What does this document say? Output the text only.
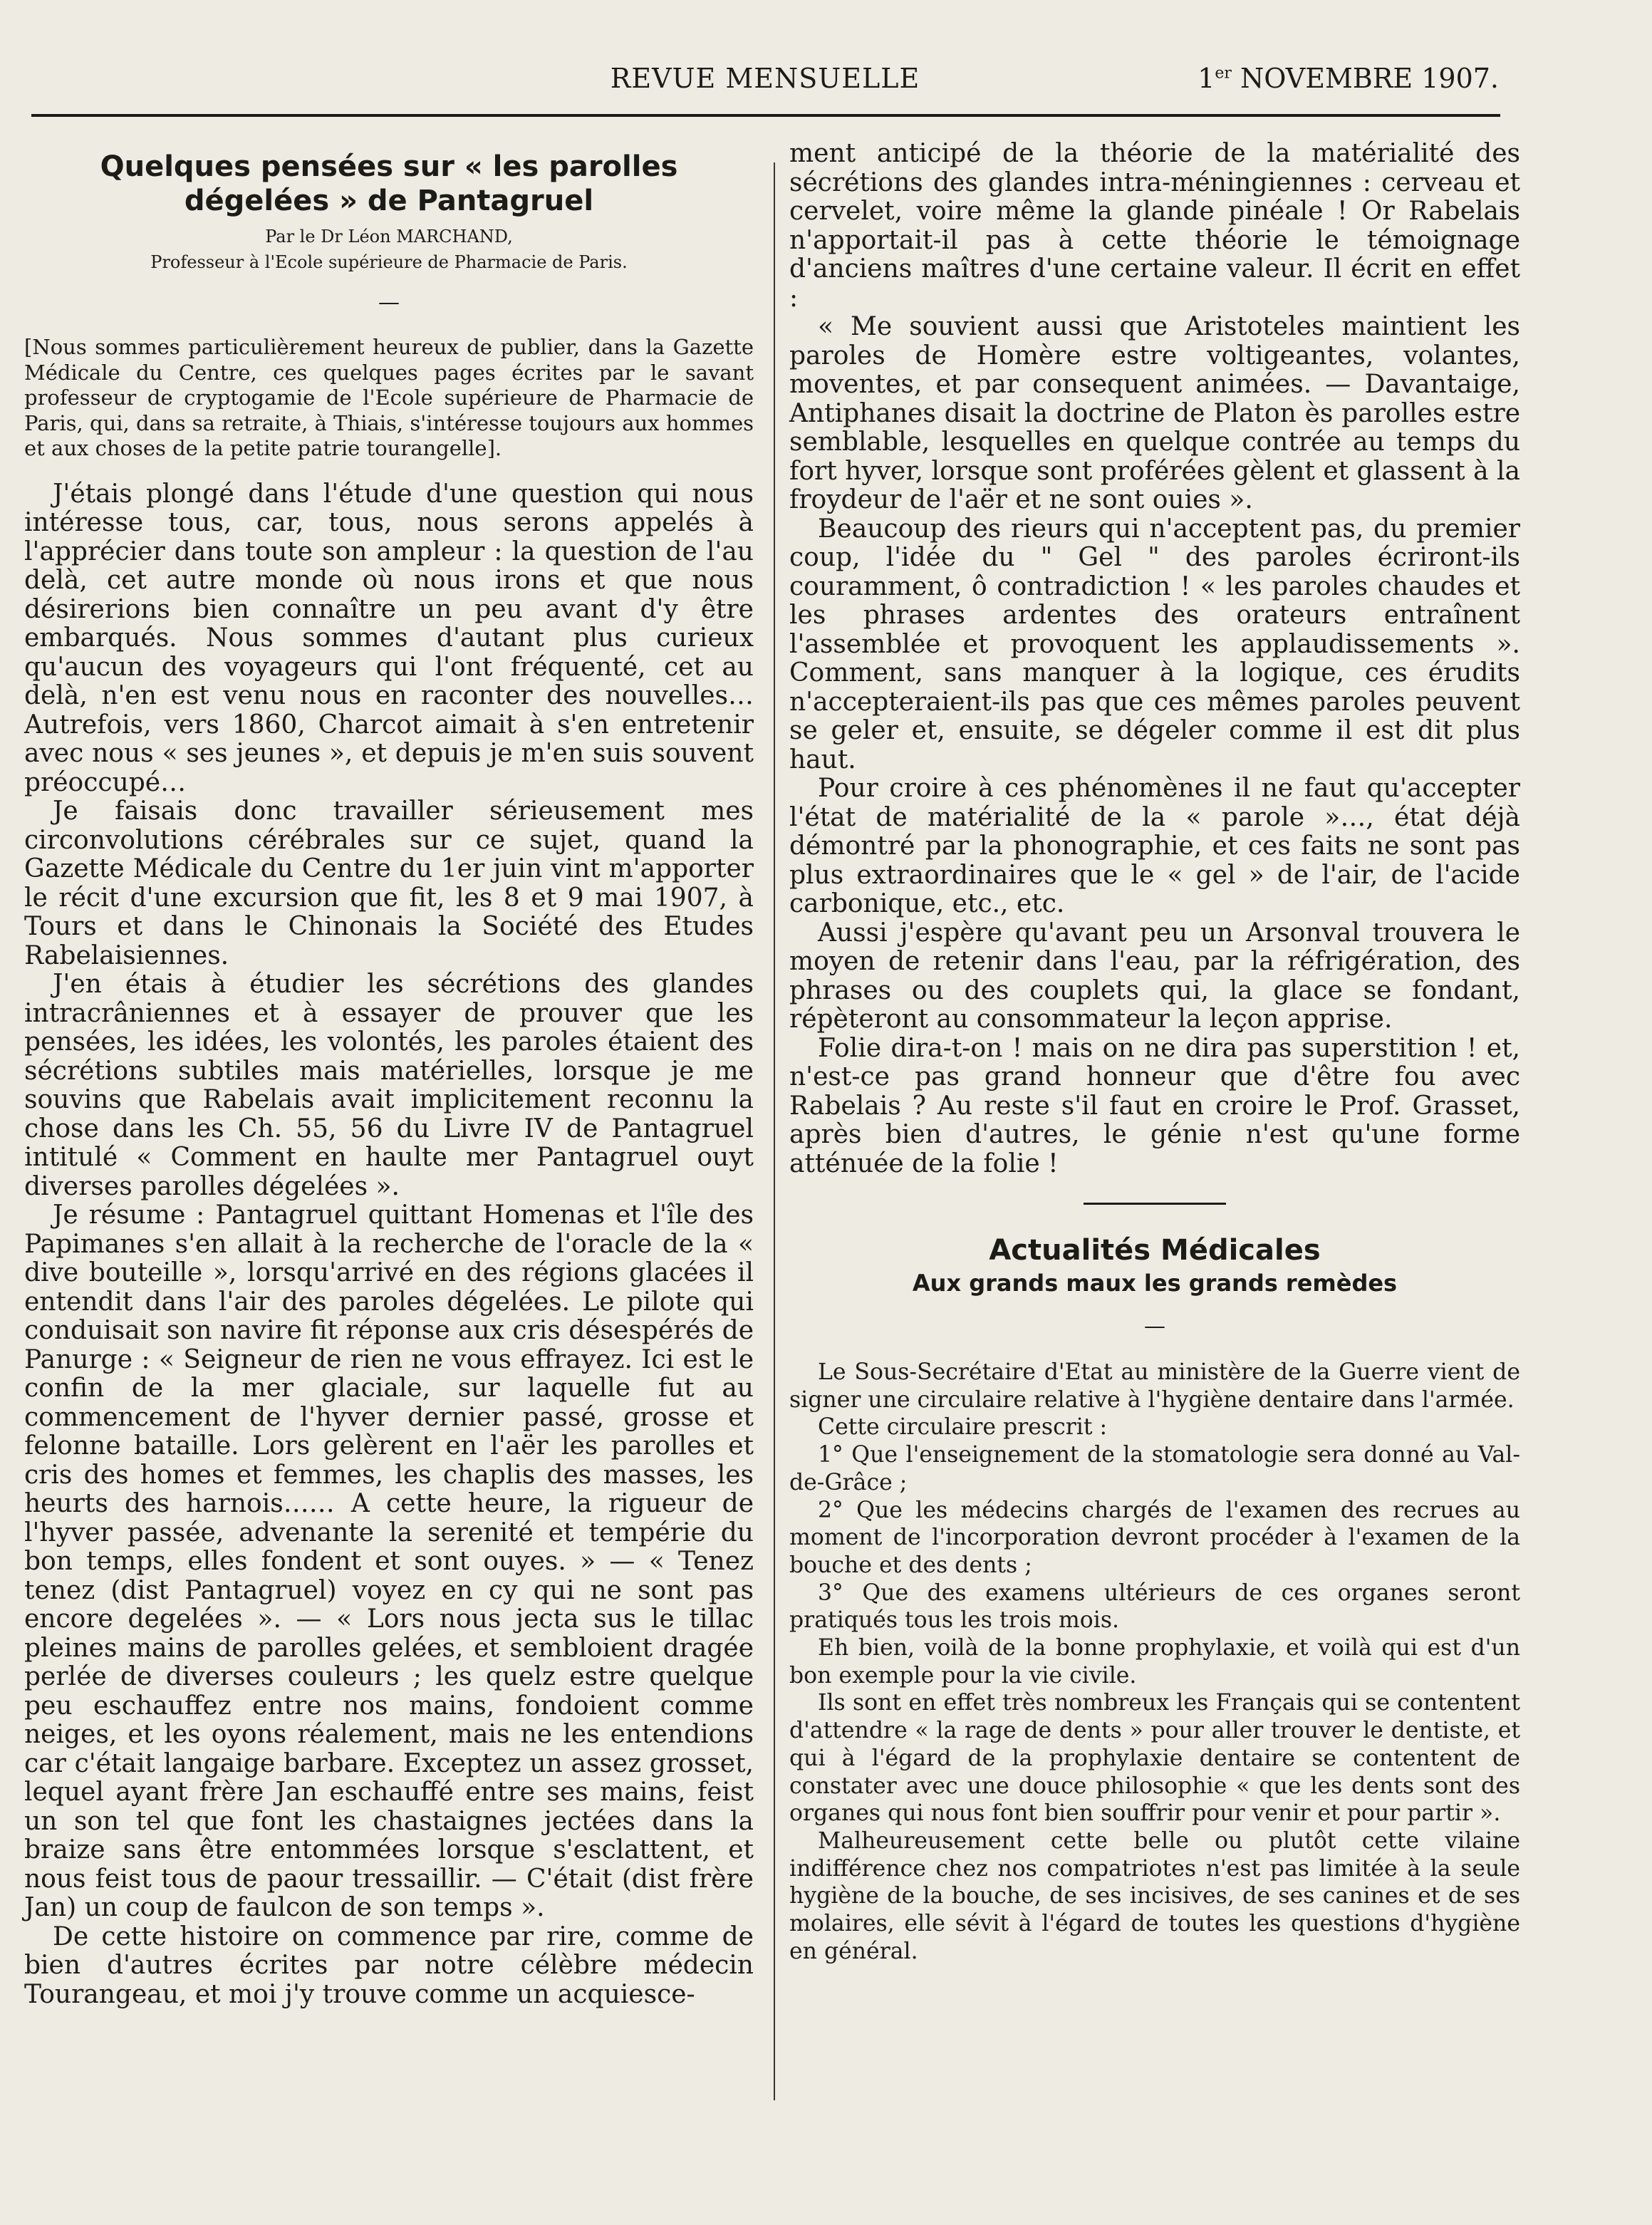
REVUE MENSUELLE	1er NOVEMBRE 1907.
Quelques pensées sur « les parolles
dégelées » de Pantagruel

Par le Dr Léon MARCHAND,

Professeur à l'Ecole supérieure de Pharmacie de Paris.

—

[Nous sommes particulièrement heureux de publier, dans la Gazette Médicale du Centre, ces quelques pages écrites par le savant professeur de cryptogamie de l'Ecole supérieure de Pharmacie de Paris, qui, dans sa retraite, à Thiais, s'intéresse toujours aux hommes et aux choses de la petite patrie tourangelle].

J'étais plongé dans l'étude d'une question qui nous intéresse tous, car, tous, nous serons appelés à l'apprécier dans toute son ampleur : la question de l'au delà, cet autre monde où nous irons et que nous désirerions bien connaître un peu avant d'y être embarqués. Nous sommes d'autant plus curieux qu'aucun des voyageurs qui l'ont fréquenté, cet au delà, n'en est venu nous en raconter des nouvelles… Autrefois, vers 1860, Charcot aimait à s'en entretenir avec nous « ses jeunes », et depuis je m'en suis souvent préoccupé…

Je faisais donc travailler sérieusement mes circonvolutions cérébrales sur ce sujet, quand la Gazette Médicale du Centre du 1er juin vint m'apporter le récit d'une excursion que fit, les 8 et 9 mai 1907, à Tours et dans le Chinonais la Société des Etudes Rabelaisiennes.

J'en étais à étudier les sécrétions des glandes intracrâniennes et à essayer de prouver que les pensées, les idées, les volontés, les paroles étaient des sécrétions subtiles mais matérielles, lorsque je me souvins que Rabelais avait implicitement reconnu la chose dans les Ch. 55, 56 du Livre IV de Pantagruel intitulé « Comment en haulte mer Pantagruel ouyt diverses parolles dégelées ».

Je résume : Pantagruel quittant Homenas et l'île des Papimanes s'en allait à la recherche de l'oracle de la « dive bouteille », lorsqu'arrivé en des régions glacées il entendit dans l'air des paroles dégelées. Le pilote qui conduisait son navire fit réponse aux cris désespérés de Panurge : « Seigneur de rien ne vous effrayez. Ici est le confin de la mer glaciale, sur laquelle fut au commencement de l'hyver dernier passé, grosse et felonne bataille. Lors gelèrent en l'aër les parolles et cris des homes et femmes, les chaplis des masses, les heurts des harnois…… A cette heure, la rigueur de l'hyver passée, advenante la serenité et tempérie du bon temps, elles fondent et sont ouyes. » — « Tenez tenez (dist Pantagruel) voyez en cy qui ne sont pas encore degelées ». — « Lors nous jecta sus le tillac pleines mains de parolles gelées, et sembloient dragée perlée de diverses couleurs ; les quelz estre quelque peu eschauffez entre nos mains, fondoient comme neiges, et les oyons réalement, mais ne les entendions car c'était langaige barbare. Exceptez un assez grosset, lequel ayant frère Jan eschauffé entre ses mains, feist un son tel que font les chastaignes jectées dans la braize sans être entommées lorsque s'esclattent, et nous feist tous de paour tressaillir. — C'était (dist frère Jan) un coup de faulcon de son temps ».

De cette histoire on commence par rire, comme de bien d'autres écrites par notre célèbre médecin Tourangeau, et moi j'y trouve comme un acquiesce-

ment anticipé de la théorie de la matérialité des sécrétions des glandes intra-méningiennes : cerveau et cervelet, voire même la glande pinéale ! Or Rabelais n'apportait-il pas à cette théorie le témoignage d'anciens maîtres d'une certaine valeur. Il écrit en effet :

« Me souvient aussi que Aristoteles maintient les paroles de Homère estre voltigeantes, volantes, moventes, et par consequent animées. — Davantaige, Antiphanes disait la doctrine de Platon ès parolles estre semblable, lesquelles en quelque contrée au temps du fort hyver, lorsque sont proférées gèlent et glassent à la froydeur de l'aër et ne sont ouies ».

Beaucoup des rieurs qui n'acceptent pas, du premier coup, l'idée du " Gel " des paroles écriront-ils couramment, ô contradiction ! « les paroles chaudes et les phrases ardentes des orateurs entraînent l'assemblée et provoquent les applaudissements ». Comment, sans manquer à la logique, ces érudits n'accepteraient-ils pas que ces mêmes paroles peuvent se geler et, ensuite, se dégeler comme il est dit plus haut.

Pour croire à ces phénomènes il ne faut qu'accepter l'état de matérialité de la « parole »…, état déjà démontré par la phonographie, et ces faits ne sont pas plus extraordinaires que le « gel » de l'air, de l'acide carbonique, etc., etc.

Aussi j'espère qu'avant peu un Arsonval trouvera le moyen de retenir dans l'eau, par la réfrigération, des phrases ou des couplets qui, la glace se fondant, répèteront au consommateur la leçon apprise.

Folie dira-t-on ! mais on ne dira pas superstition ! et, n'est-ce pas grand honneur que d'être fou avec Rabelais ? Au reste s'il faut en croire le Prof. Grasset, après bien d'autres, le génie n'est qu'une forme atténuée de la folie !

Actualités Médicales

Aux grands maux les grands remèdes

—

Le Sous-Secrétaire d'Etat au ministère de la Guerre vient de signer une circulaire relative à l'hygiène dentaire dans l'armée.

Cette circulaire prescrit :

1° Que l'enseignement de la stomatologie sera donné au Val-de-Grâce ;

2° Que les médecins chargés de l'examen des recrues au moment de l'incorporation devront procéder à l'examen de la bouche et des dents ;

3° Que des examens ultérieurs de ces organes seront pratiqués tous les trois mois.

Eh bien, voilà de la bonne prophylaxie, et voilà qui est d'un bon exemple pour la vie civile.

Ils sont en effet très nombreux les Français qui se contentent d'attendre « la rage de dents » pour aller trouver le dentiste, et qui à l'égard de la prophylaxie dentaire se contentent de constater avec une douce philosophie « que les dents sont des organes qui nous font bien souffrir pour venir et pour partir ».

Malheureusement cette belle ou plutôt cette vilaine indifférence chez nos compatriotes n'est pas limitée à la seule hygiène de la bouche, de ses incisives, de ses canines et de ses molaires, elle sévit à l'égard de toutes les questions d'hygiène en général.
